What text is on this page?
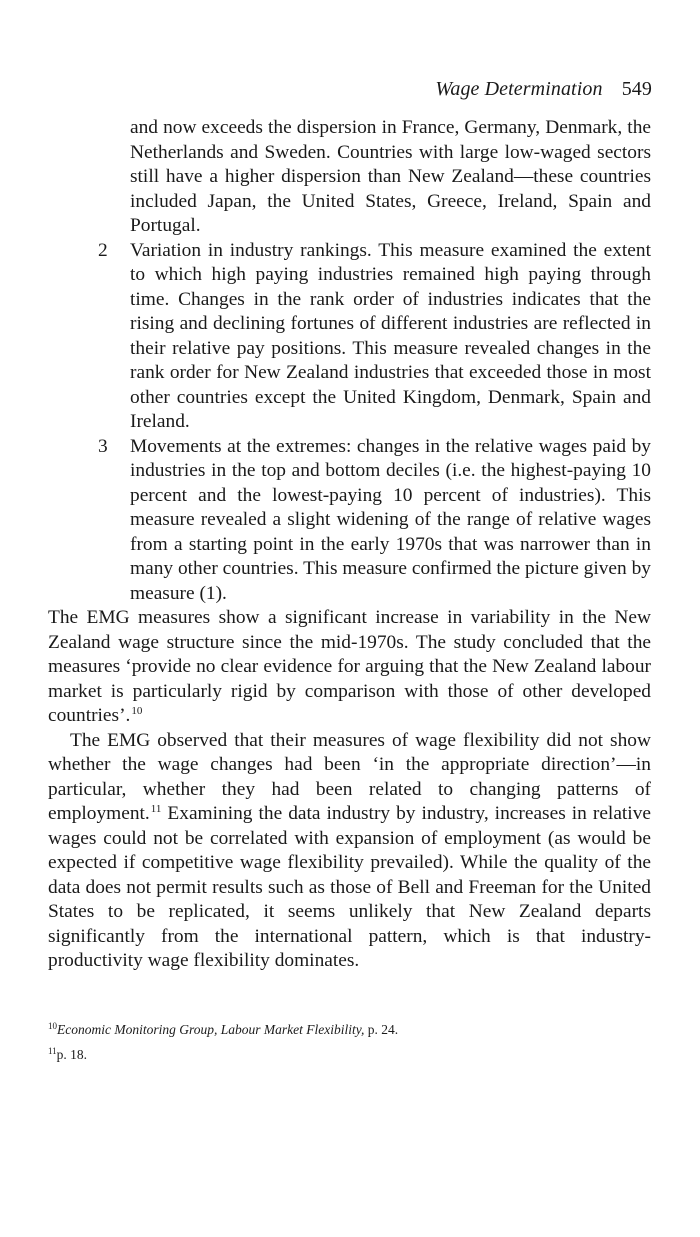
Wage Determination 549
and now exceeds the dispersion in France, Germany, Denmark, the Netherlands and Sweden. Countries with large low-waged sectors still have a higher dispersion than New Zealand—these countries included Japan, the United States, Greece, Ireland, Spain and Portugal.
2 Variation in industry rankings. This measure examined the extent to which high paying industries remained high paying through time. Changes in the rank order of industries indicates that the rising and declining fortunes of different industries are reflected in their relative pay positions. This measure revealed changes in the rank order for New Zealand industries that exceeded those in most other countries except the United Kingdom, Denmark, Spain and Ireland.
3 Movements at the extremes: changes in the relative wages paid by industries in the top and bottom deciles (i.e. the highest-paying 10 percent and the lowest-paying 10 percent of industries). This measure revealed a slight widening of the range of relative wages from a starting point in the early 1970s that was narrower than in many other countries. This measure confirmed the picture given by measure (1).

The EMG measures show a significant increase in variability in the New Zealand wage structure since the mid-1970s. The study concluded that the measures ‘provide no clear evidence for arguing that the New Zealand labour market is particularly rigid by comparison with those of other developed countries’.$^{10}$

The EMG observed that their measures of wage flexibility did not show whether the wage changes had been ‘in the appropriate direction’—in particular, whether they had been related to changing patterns of employment.$^{11}$ Examining the data industry by industry, increases in relative wages could not be correlated with expansion of employment (as would be expected if competitive wage flexibility prevailed). While the quality of the data does not permit results such as those of Bell and Freeman for the United States to be replicated, it seems unlikely that New Zealand departs significantly from the international pattern, which is that industry-productivity wage flexibility dominates.

$^{10}$Economic Monitoring Group, Labour Market Flexibility, p. 24.
$^{11}$p. 18.
